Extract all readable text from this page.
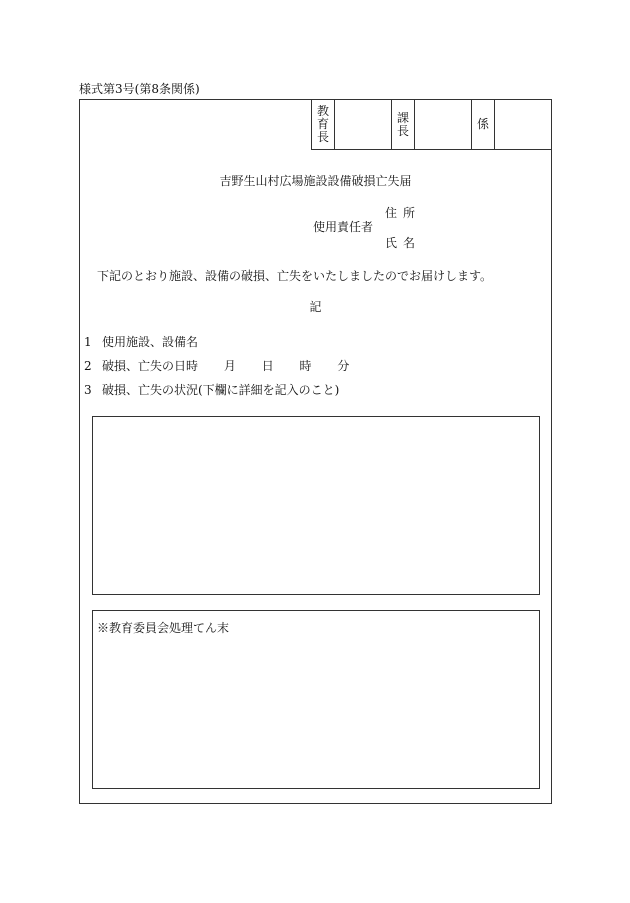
様式第3号(第8条関係)
教育長		課長		係	
吉野生山村広場施設設備破損亡失届
使用責任者
住所
氏名
下記のとおり施設、設備の破損、亡失をいたしましたのでお届けします。
記
1 使用施設、設備名
2 破損、亡失の日時 月 日 時 分
3 破損、亡失の状況(下欄に詳細を記入のこと)
※教育委員会処理てん末
